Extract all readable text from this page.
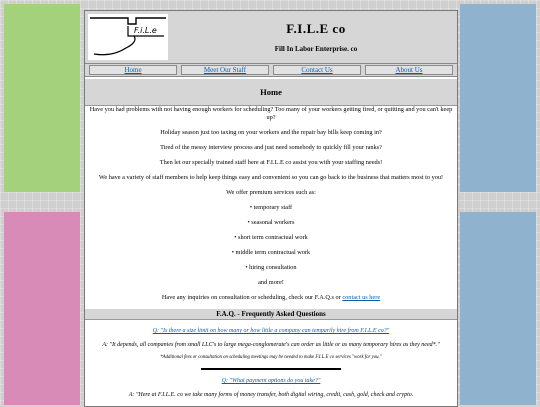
F.i.L.e	F.I.L.E co
Fill In Labor Enterprise. co
Home	Meet Our Staff	Contact Us	About Us
Home

Have you had problems with not having enough workers for scheduling? Too many of your workers getting fired, or quitting and you can't keep up?

Holiday season just too taxing on your workers and the repair bay bills keep coming in?

Tired of the messy interview process and just need somebody to quickly fill your ranks?

Then let our specially trained staff here at F.I.L.E co assist you with your staffing needs!

We have a variety of staff members to help keep things easy and convenient so you can go back to the business that matters most to you!

We offer premium services such as:

• temporary staff

• seasonal workers

• short term contractual work

• middle term contractual work

• hiring consultation

and more!

Have any inquiries on consultation or scheduling, check our F.A.Q.s or contact us here

F.A.Q. - Frequently Asked Questions

Q: "Is there a size limit on how many or how little a company can temparily hire from F.I.L.E co?"

A: "It depends, all companies from small LLC's to large mega-conglomerate's can order as little or as many temporary hires as they need*."

*Additional fees or consultation on scheduling meetings may be needed to make F.I.L.E co services "work for you."

Q: "What payment options do you take?"

A: "Here at F.I.L.E. co we take many forms of money transfer, both digital wiring, credit, cash, gold, check and crypto.
